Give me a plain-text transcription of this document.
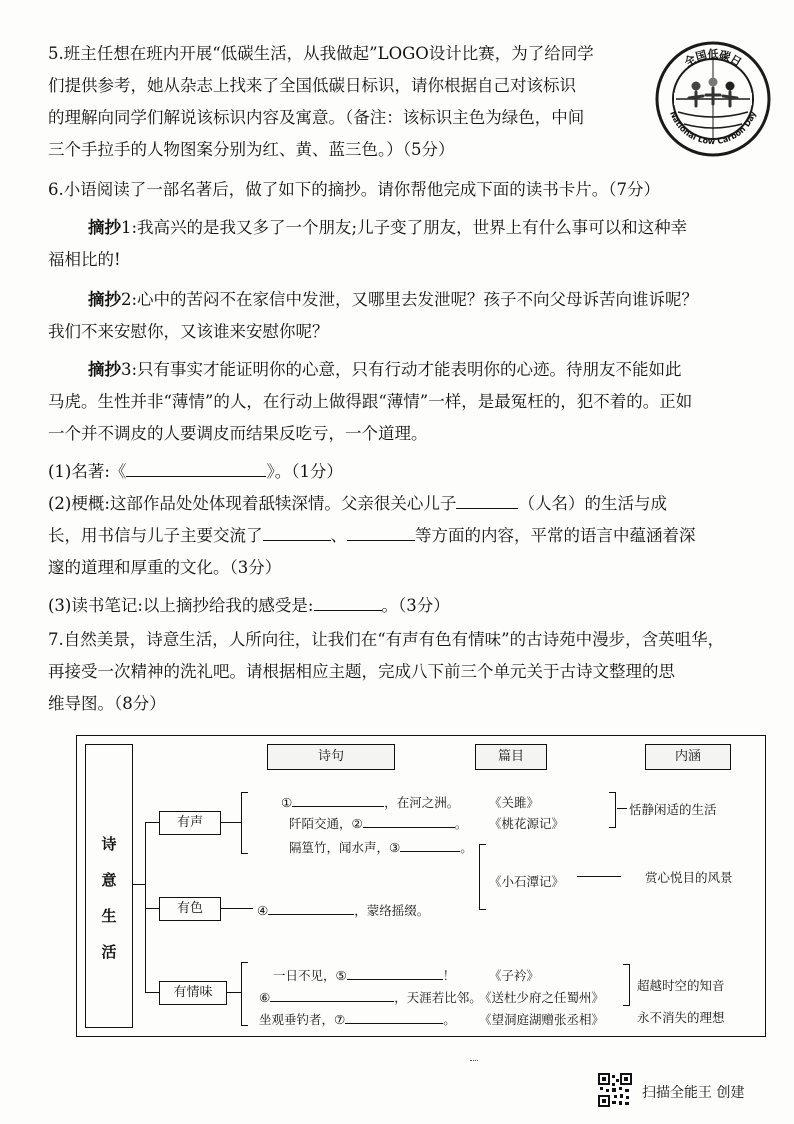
5.班主任想在班内开展“低碳生活，从我做起”LOGO设计比赛，为了给同学
们提供参考，她从杂志上找来了全国低碳日标识，请你根据自己对该标识
的理解向同学们解说该标识内容及寓意。（备注：该标识主色为绿色，中间
三个手拉手的人物图案分别为红、黄、蓝三色。）（5分）
全国低碳日
National Low Carbon Day
6.小语阅读了一部名著后，做了如下的摘抄。请你帮他完成下面的读书卡片。（7分）
摘抄1:我高兴的是我又多了一个朋友;儿子变了朋友，世界上有什么事可以和这种幸
福相比的!
摘抄2:心中的苦闷不在家信中发泄，又哪里去发泄呢？孩子不向父母诉苦向谁诉呢？
我们不来安慰你，又该谁来安慰你呢？
摘抄3:只有事实才能证明你的心意，只有行动才能表明你的心迹。待朋友不能如此
马虎。生性并非“薄情”的人，在行动上做得跟“薄情”一样，是最冤枉的，犯不着的。正如
一个并不调皮的人要调皮而结果反吃亏，一个道理。
(1)名著:《	》。（1分）
(2)梗概:这部作品处处体现着舐犊深情。父亲很关心儿子	（人名）的生活与成
长，用书信与儿子主要交流了	、	等方面的内容，平常的语言中蕴涵着深
邃的道理和厚重的文化。（3分）
(3)读书笔记:以上摘抄给我的感受是:	。（3分）
7.自然美景，诗意生活，人所向往，让我们在“有声有色有情味”的古诗苑中漫步，含英咀华，
再接受一次精神的洗礼吧。请根据相应主题，完成八下前三个单元关于古诗文整理的思
维导图。（8分）
诗句	篇目	内涵
诗
意
生
活
有声
有色
有情味
①	，在河之洲。 《关雎》
阡陌交通，②	。 《桃花源记》
隔篁竹，闻水声，③	。
④	，蒙络摇缀。
《小石潭记》
一日不见，⑤	！	《子衿》
⑥	，天涯若比邻。
《送杜少府之任蜀州》
坐观垂钓者，⑦	。 《望洞庭湖赠张丞相》
恬静闲适的生活
赏心悦目的风景
超越时空的知音
永不消失的理想
扫描全能王 创建
